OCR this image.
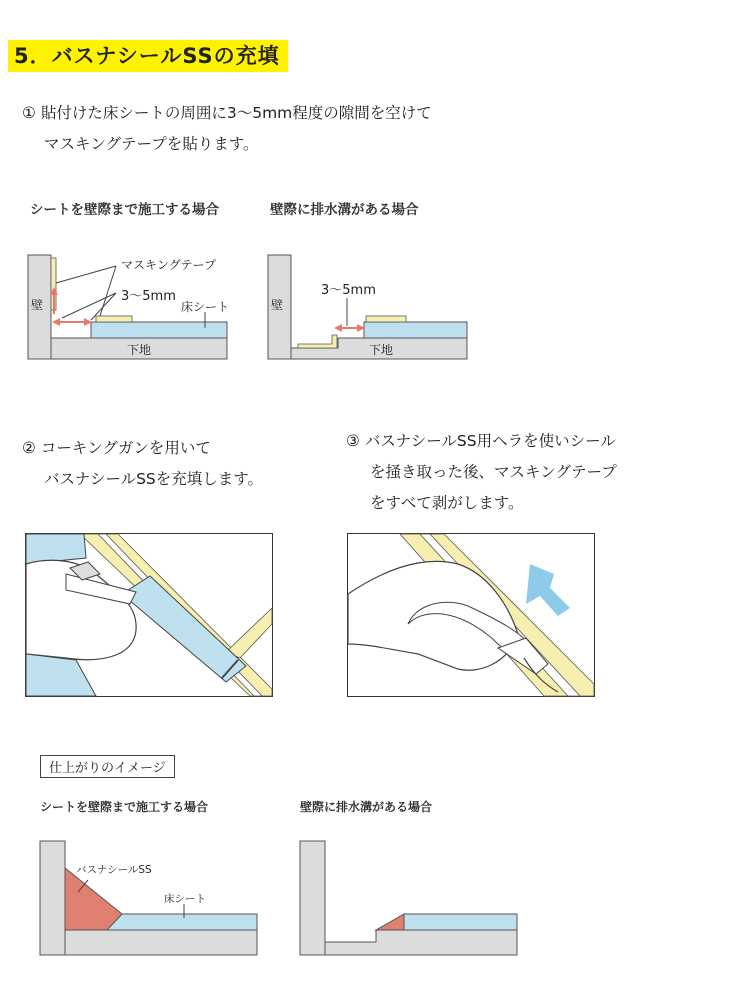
5．バスナシールSSの充填
① 貼付けた床シートの周囲に3〜5mm程度の隙間を空けて
マスキングテープを貼ります。
シートを壁際まで施工する場合	壁際に排水溝がある場合
マスキングテープ
3〜5mm
床シート
壁
下地
3〜5mm
壁
下地
② コーキングガンを用いて
バスナシールSSを充填します。
③ バスナシールSS用ヘラを使いシール
を掻き取った後、マスキングテープ
をすべて剥がします。
仕上がりのイメージ
シートを壁際まで施工する場合	壁際に排水溝がある場合
バスナシールSS
床シート
